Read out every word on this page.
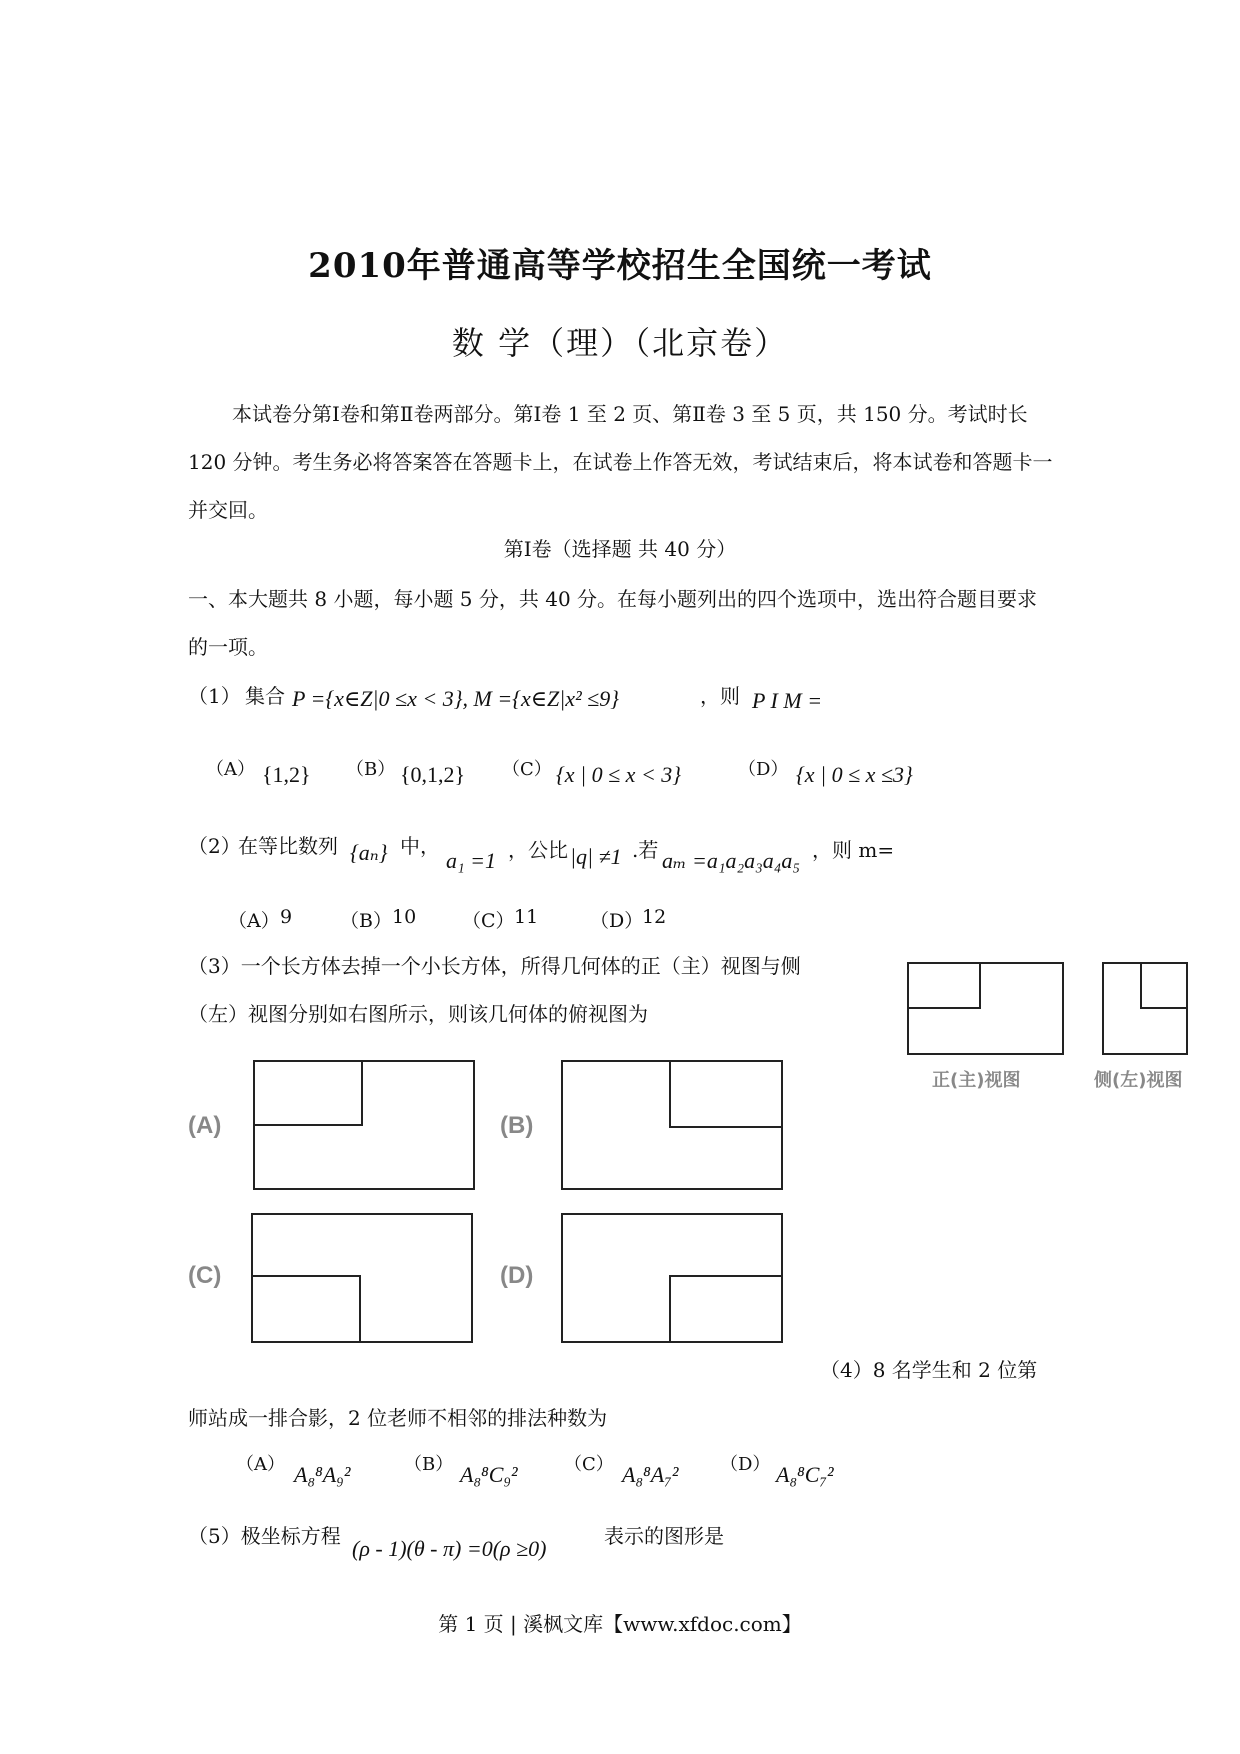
2010年普通高等学校招生全国统一考试
数 学（理）（北京卷）
本试卷分第Ⅰ卷和第Ⅱ卷两部分。第Ⅰ卷 1 至 2 页、第Ⅱ卷 3 至 5 页，共 150 分。考试时长 120 分钟。考生务必将答案答在答题卡上，在试卷上作答无效，考试结束后，将本试卷和答题卡一并交回。
第Ⅰ卷（选择题 共 40 分）
一、本大题共 8 小题，每小题 5 分，共 40 分。在每小题列出的四个选项中，选出符合题目要求的一项。
（1） 集合 P ={x∈Z|0 ≤x < 3}, M ={x∈Z|x² ≤9}	，则 P I M =
（A） {1,2} （B） {0,1,2} （C） {x | 0 ≤ x < 3}	（D） {x | 0 ≤ x ≤3}
（2）
在等比数列 {aₙ} 中，
a₁ =1 ，公比 |q| ≠1 .若 aₘ =a₁a₂a₃a₄a₅ ，则 m=
（A） 9	（B） 10 （C） 11	（D）
12
（3）一个长方体去掉一个小长方体，所得几何体的正（主）视图与侧
（左）视图分别如右图所示，则该几何体的俯视图为
正(主)视图	侧(左)视图
(A)	(B)
(C)	(D)
（4）8 名学生和 2 位第
师站成一排合影，2 位老师不相邻的排法种数为
（A） A₈⁸A₉²	（B） A₈⁸C₉²	（C） A₈⁸A₇² （D） A₈⁸C₇²
（5）极坐标方程 (ρ - 1)(θ - π) =0(ρ ≥0)	表示的图形是
第 1 页 | 溪枫文库【www.xfdoc.com】
